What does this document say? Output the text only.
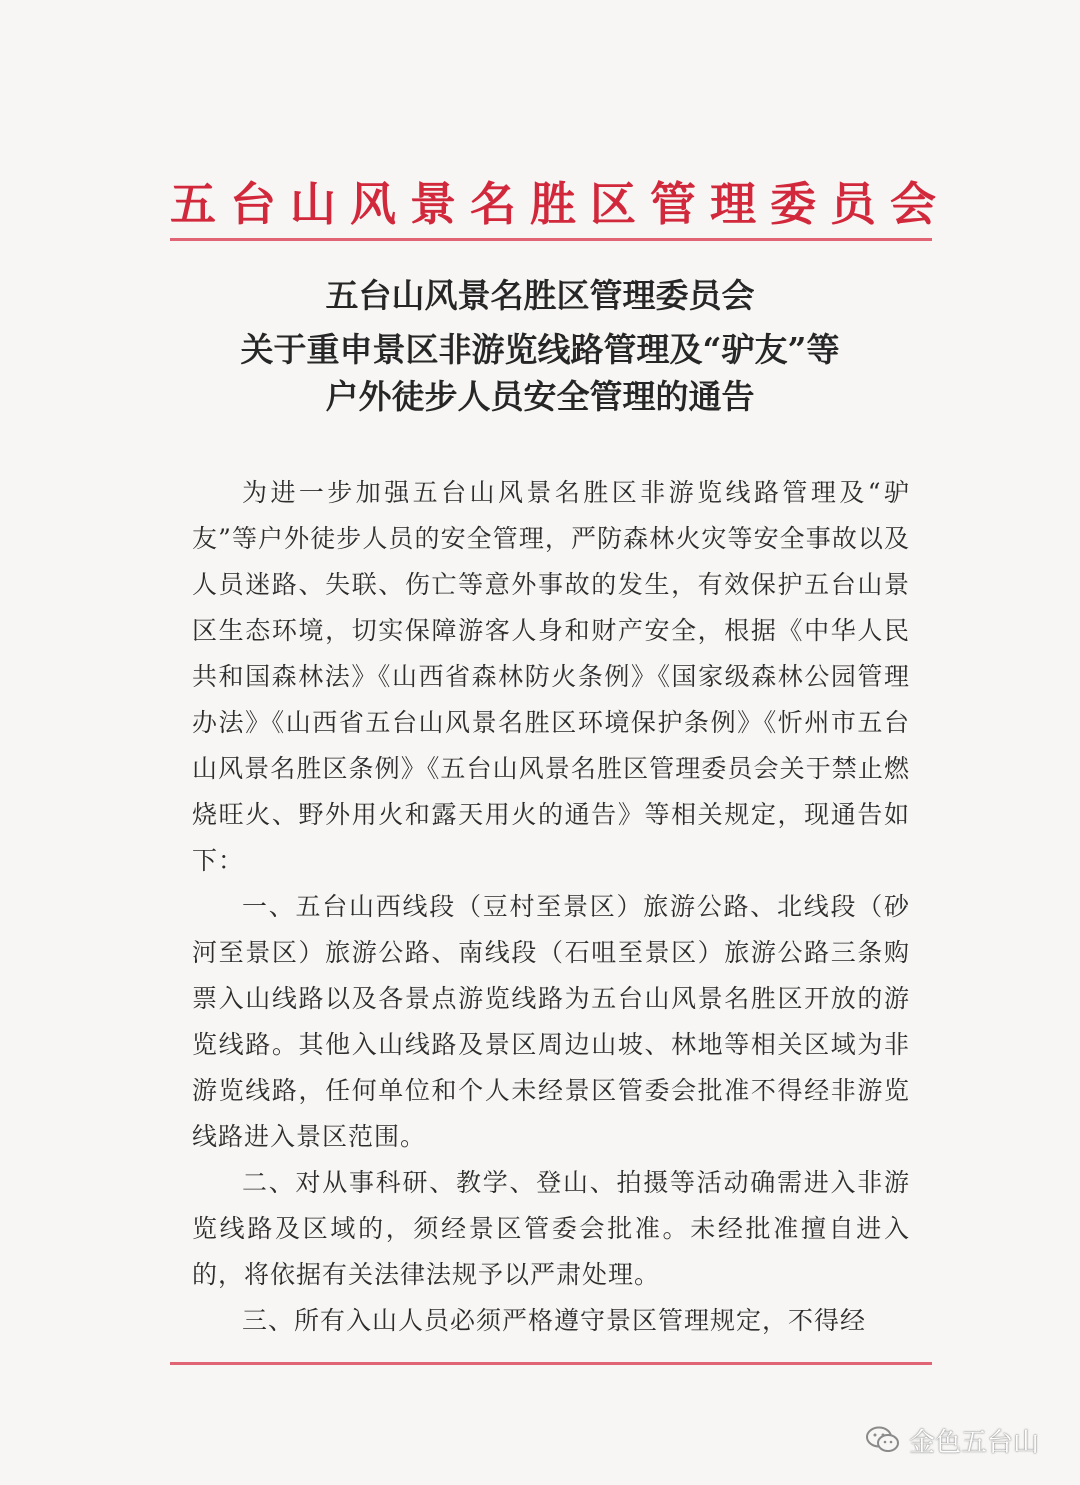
五台山风景名胜区管理委员会
五台山风景名胜区管理委员会
关于重申景区非游览线路管理及“驴友”等
户外徒步人员安全管理的通告

为进一步加强五台山风景名胜区非游览线路管理及“驴友”等户外徒步人员的安全管理，严防森林火灾等安全事故以及人员迷路、失联、伤亡等意外事故的发生，有效保护五台山景区生态环境，切实保障游客人身和财产安全，根据《中华人民共和国森林法》《山西省森林防火条例》《国家级森林公园管理办法》《山西省五台山风景名胜区环境保护条例》《忻州市五台山风景名胜区条例》《五台山风景名胜区管理委员会关于禁止燃烧旺火、野外用火和露天用火的通告》等相关规定，现通告如下：

一、五台山西线段（豆村至景区）旅游公路、北线段（砂河至景区）旅游公路、南线段（石咀至景区）旅游公路三条购票入山线路以及各景点游览线路为五台山风景名胜区开放的游览线路。其他入山线路及景区周边山坡、林地等相关区域为非游览线路，任何单位和个人未经景区管委会批准不得经非游览线路进入景区范围。

二、对从事科研、教学、登山、拍摄等活动确需进入非游览线路及区域的，须经景区管委会批准。未经批准擅自进入的，将依据有关法律法规予以严肃处理。

三、所有入山人员必须严格遵守景区管理规定，不得经

金色五台山
